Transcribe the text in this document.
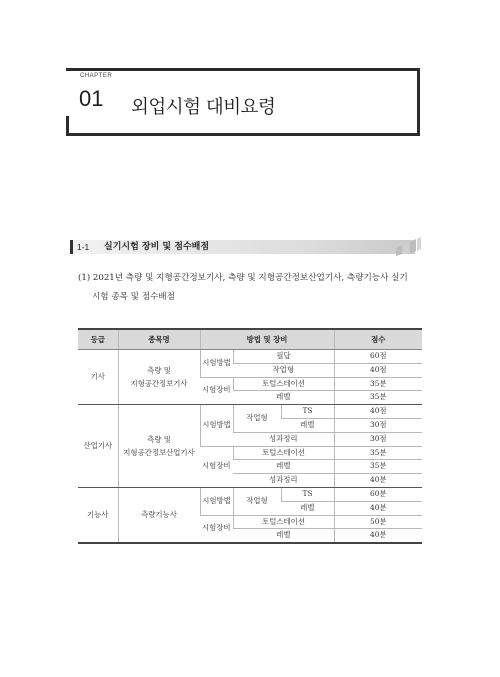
CHAPTER
01 외업시험 대비요령
1-1	실기시험 장비 및 점수배점
(1) 2021년 측량 및 지형공간정보기사, 측량 및 지형공간정보산업기사, 측량기능사 실기
시험 종목 및 점수배점
등급	종목명	방법 및 장비			점수
기사	측량 및
지형공간정보기사	시험방법	필답		60점
			작업형		40점
		시험장비	토털스테이션		35분
			레벨		35분
산업기사	측량 및
지형공간정보산업기사	시험방법	작업형	TS	40점
				레벨	30점
			성과정리		30점
		시험장비	토털스테이션		35분
			레벨		35분
			성과정리		40분
기능사	측량기능사	시험방법	작업형	TS	60분
				레벨	40분
		시험장비	토털스테이션		50분
			레벨		40분
